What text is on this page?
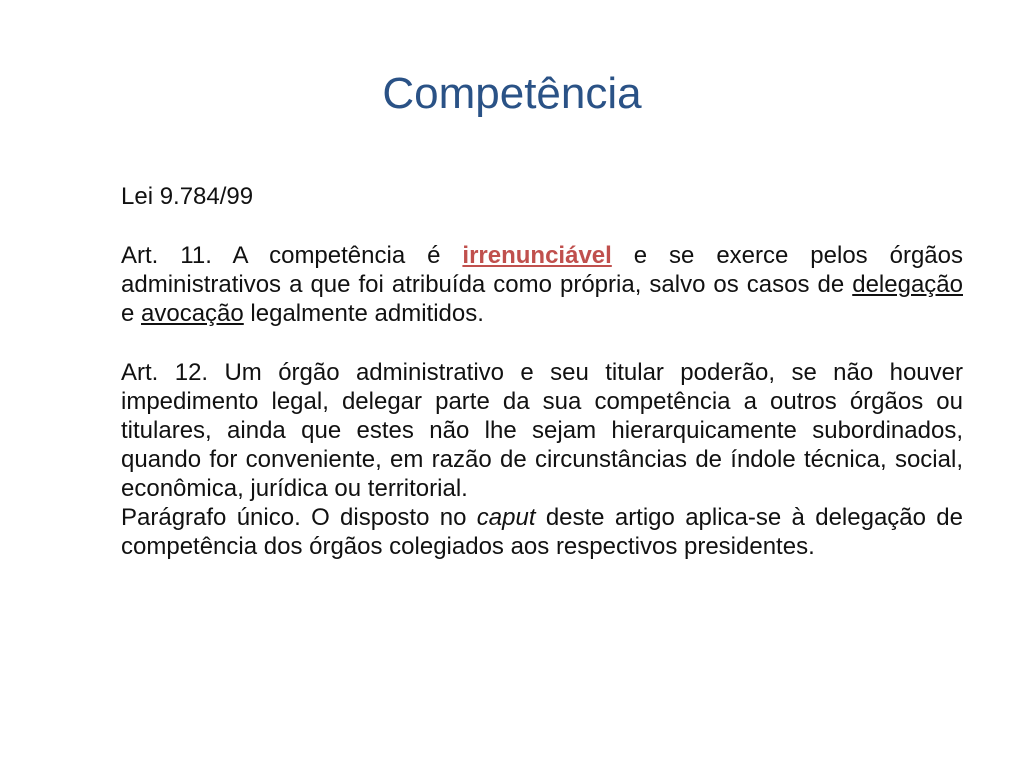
Competência

Lei 9.784/99

Art. 11. A competência é irrenunciável e se exerce pelos órgãos administrativos a que foi atribuída como própria, salvo os casos de delegação e avocação legalmente admitidos.

Art. 12. Um órgão administrativo e seu titular poderão, se não houver impedimento legal, delegar parte da sua competência a outros órgãos ou titulares, ainda que estes não lhe sejam hierarquicamente subordinados, quando for conveniente, em razão de circunstâncias de índole técnica, social, econômica, jurídica ou territorial.

Parágrafo único. O disposto no caput deste artigo aplica-se à delegação de competência dos órgãos colegiados aos respectivos presidentes.
